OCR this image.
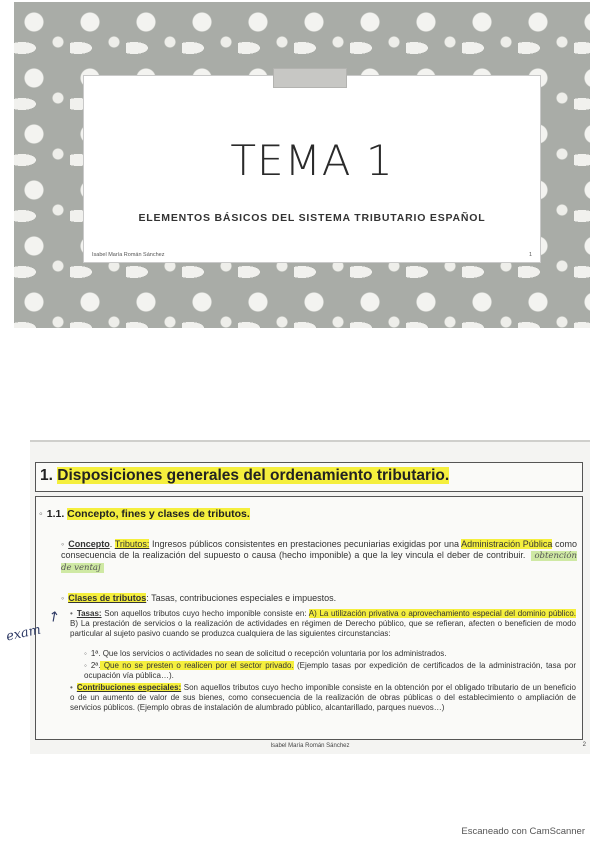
TEMA 1
ELEMENTOS BÁSICOS DEL SISTEMA TRIBUTARIO ESPAÑOL
Isabel María Román Sánchez	1
1. Disposiciones generales del ordenamiento tributario.
◦ 1.1. Concepto, fines y clases de tributos.
◦ Concepto. Tributos: Ingresos públicos consistentes en prestaciones pecuniarias exigidas por una Administración Pública como consecuencia de la realización del supuesto o causa (hecho imponible) a que la ley vincula el deber de contribuir. obtención de ventaj
◦ Clases de tributos: Tasas, contribuciones especiales e impuestos.
• Tasas: Son aquellos tributos cuyo hecho imponible consiste en: A) La utilización privativa o aprovechamiento especial del dominio público. B) La prestación de servicios o la realización de actividades en régimen de Derecho público, que se refieran, afecten o beneficien de modo particular al sujeto pasivo cuando se produzca cualquiera de las siguientes circunstancias:
◦ 1ª. Que los servicios o actividades no sean de solicitud o recepción voluntaria por los administrados.
◦ 2ª. Que no se presten o realicen por el sector privado. (Ejemplo tasas por expedición de certificados de la administración, tasa por ocupación vía pública…).
• Contribuciones especiales: Son aquellos tributos cuyo hecho imponible consiste en la obtención por el obligado tributario de un beneficio o de un aumento de valor de sus bienes, como consecuencia de la realización de obras públicas o del establecimiento o ampliación de servicios públicos. (Ejemplo obras de instalación de alumbrado público, alcantarillado, parques nuevos…)
Isabel María Román Sánchez	2
↗
exam
Escaneado con CamScanner
